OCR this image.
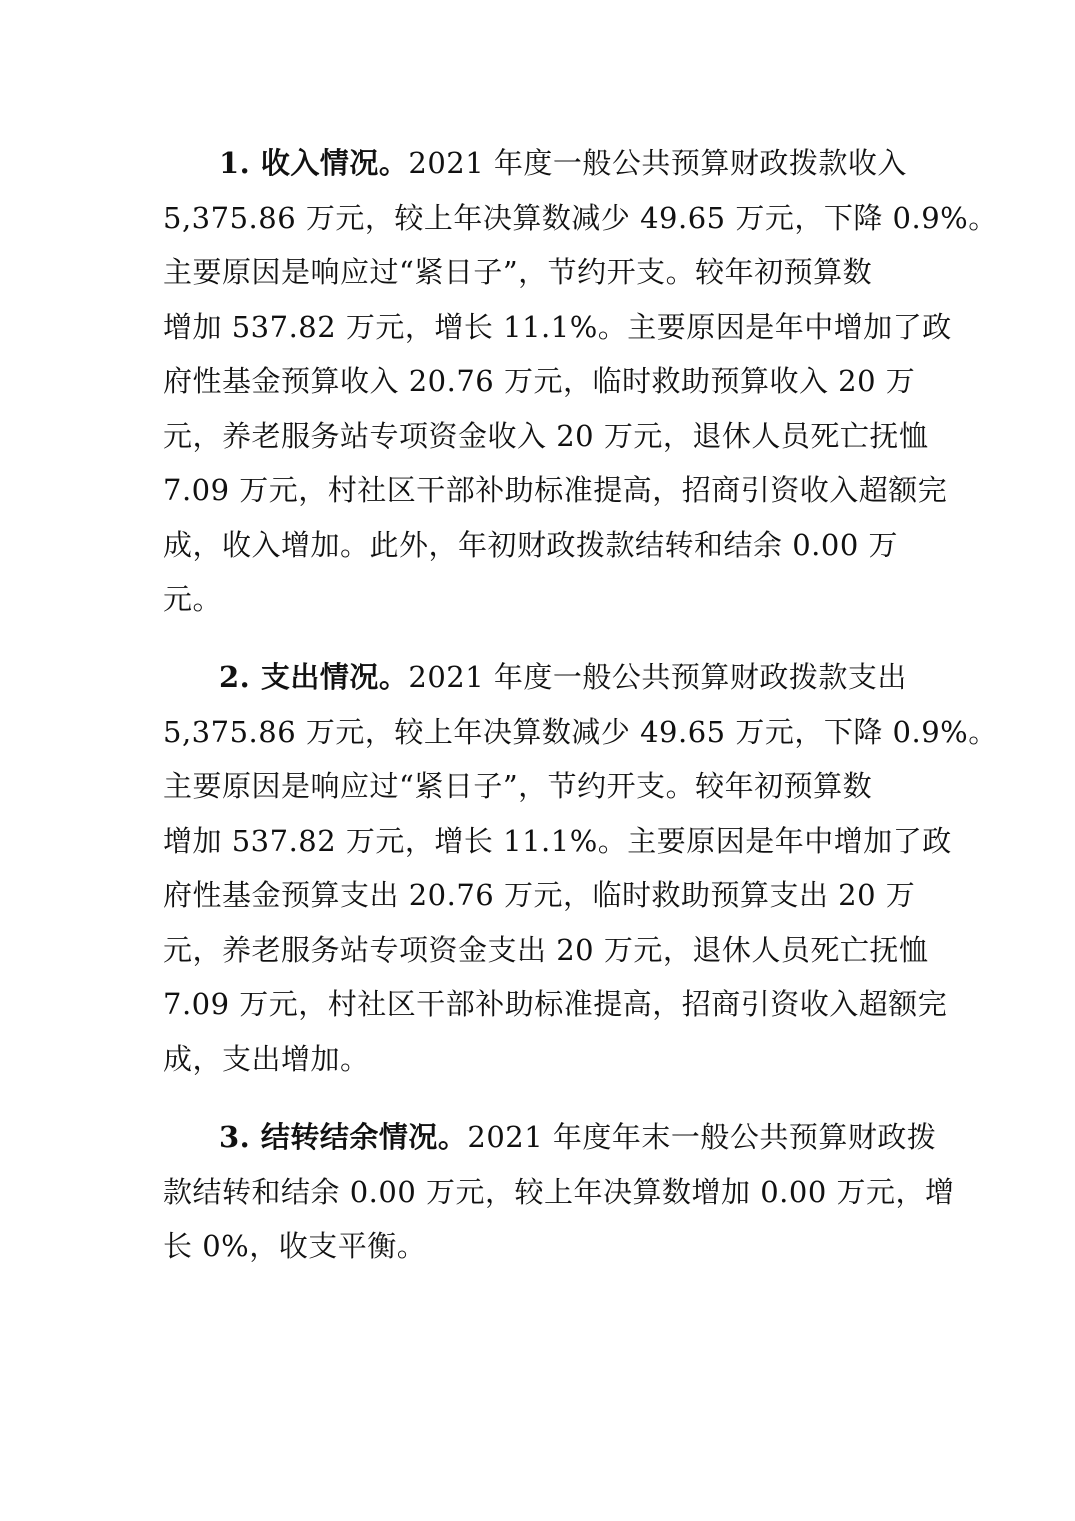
1. 收入情况。2021 年度一般公共预算财政拨款收入
5,375.86 万元，较上年决算数减少 49.65 万元，下降 0.9%。
主要原因是响应过“紧日子”，节约开支。较年初预算数
增加 537.82 万元，增长 11.1%。主要原因是年中增加了政
府性基金预算收入 20.76 万元，临时救助预算收入 20 万
元，养老服务站专项资金收入 20 万元，退休人员死亡抚恤
7.09 万元，村社区干部补助标准提高，招商引资收入超额完
成，收入增加。此外，年初财政拨款结转和结余 0.00 万
元。
2. 支出情况。2021 年度一般公共预算财政拨款支出
5,375.86 万元，较上年决算数减少 49.65 万元，下降 0.9%。
主要原因是响应过“紧日子”，节约开支。较年初预算数
增加 537.82 万元，增长 11.1%。主要原因是年中增加了政
府性基金预算支出 20.76 万元，临时救助预算支出 20 万
元，养老服务站专项资金支出 20 万元，退休人员死亡抚恤
7.09 万元，村社区干部补助标准提高，招商引资收入超额完
成，支出增加。
3. 结转结余情况。2021 年度年末一般公共预算财政拨
款结转和结余 0.00 万元，较上年决算数增加 0.00 万元，增
长 0%，收支平衡。
